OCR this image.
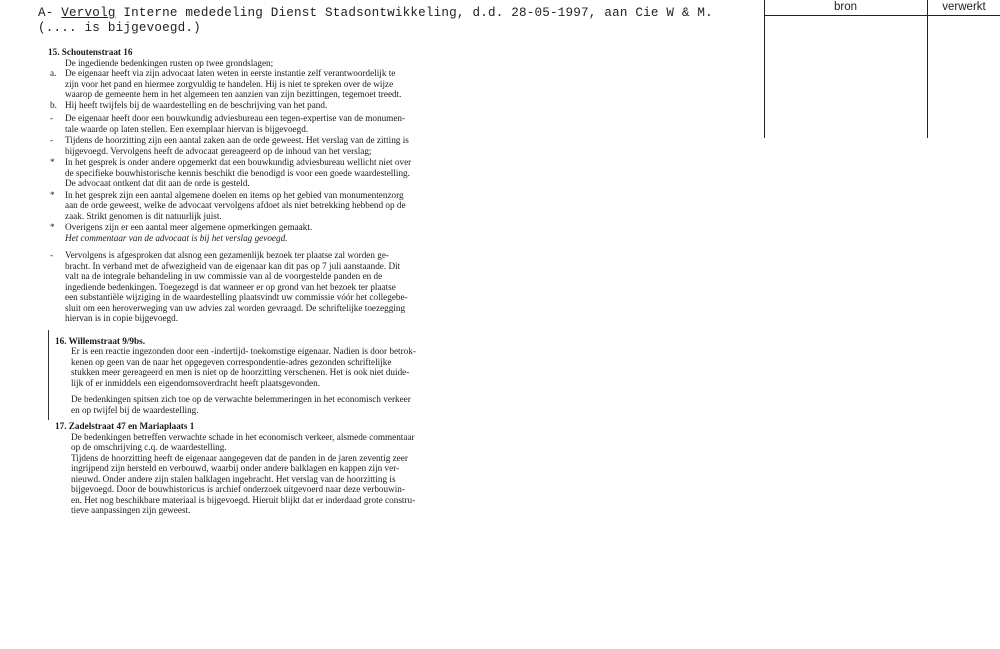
A- Vervolg Interne mededeling Dienst Stadsontwikkeling, d.d. 28-05-1997, aan Cie W & M.
(.... is bijgevoegd.)
bron	verwerkt
15. Schoutenstraat 16
De ingediende bedenkingen rusten op twee grondslagen;
a. De eigenaar heeft via zijn advocaat laten weten in eerste instantie zelf verantwoordelijk te
zijn voor het pand en hiermee zorgvuldig te handelen. Hij is niet te spreken over de wijze
waarop de gemeente hem in het algemeen ten aanzien van zijn bezittingen, tegemoet treedt.
b. Hij heeft twijfels bij de waardestelling en de beschrijving van het pand.
- De eigenaar heeft door een bouwkundig adviesbureau een tegen-expertise van de monumen-
tale waarde op laten stellen. Een exemplaar hiervan is bijgevoegd.
- Tijdens de hoorzitting zijn een aantal zaken aan de orde geweest. Het verslag van de zitting is
bijgevoegd. Vervolgens heeft de advocaat gereageerd op de inhoud van het verslag;
* In het gesprek is onder andere opgemerkt dat een bouwkundig adviesbureau wellicht niet over
de specifieke bouwhistorische kennis beschikt die benodigd is voor een goede waardestelling.
De advocaat ontkent dat dit aan de orde is gesteld.
* In het gesprek zijn een aantal algemene doelen en items op het gebied van monumentenzorg
aan de orde geweest, welke de advocaat vervolgens afdoet als niet betrekking hebbend op de
zaak. Strikt genomen is dit natuurlijk juist.
* Overigens zijn er een aantal meer algemene opmerkingen gemaakt.
Het commentaar van de advocaat is bij het verslag gevoegd.
- Vervolgens is afgesproken dat alsnog een gezamenlijk bezoek ter plaatse zal worden ge-
bracht. In verband met de afwezigheid van de eigenaar kan dit pas op 7 juli aanstaande. Dit
valt na de integrale behandeling in uw commissie van al de voorgestelde panden en de
ingediende bedenkingen. Toegezegd is dat wanneer er op grond van het bezoek ter plaatse
een substantiële wijziging in de waardestelling plaatsvindt uw commissie vóór het collegebe-
sluit om een heroverweging van uw advies zal worden gevraagd. De schriftelijke toezegging
hiervan is in copie bijgevoegd.
16. Willemstraat 9/9bs.
Er is een reactie ingezonden door een -indertijd- toekomstige eigenaar. Nadien is door betrok-
kenen op geen van de naar het opgegeven correspondentie-adres gezonden schriftelijke
stukken meer gereageerd en men is niet op de hoorzitting verschenen. Het is ook niet duide-
lijk of er inmiddels een eigendomsoverdracht heeft plaatsgevonden.
De bedenkingen spitsen zich toe op de verwachte belemmeringen in het economisch verkeer
en op twijfel bij de waardestelling.
17. Zadelstraat 47 en Mariaplaats 1
De bedenkingen betreffen verwachte schade in het economisch verkeer, alsmede commentaar
op de omschrijving c.q. de waardestelling.
Tijdens de hoorzitting heeft de eigenaar aangegeven dat de panden in de jaren zeventig zeer
ingrijpend zijn hersteld en verbouwd, waarbij onder andere balklagen en kappen zijn ver-
nieuwd. Onder andere zijn stalen balklagen ingebracht. Het verslag van de hoorzitting is
bijgevoegd. Door de bouwhistoricus is archief onderzoek uitgevoerd naar deze verbouwin-
en. Het nog beschikbare materiaal is bijgevoegd. Hieruit blijkt dat er inderdaad grote constru-
tieve aanpassingen zijn geweest.
